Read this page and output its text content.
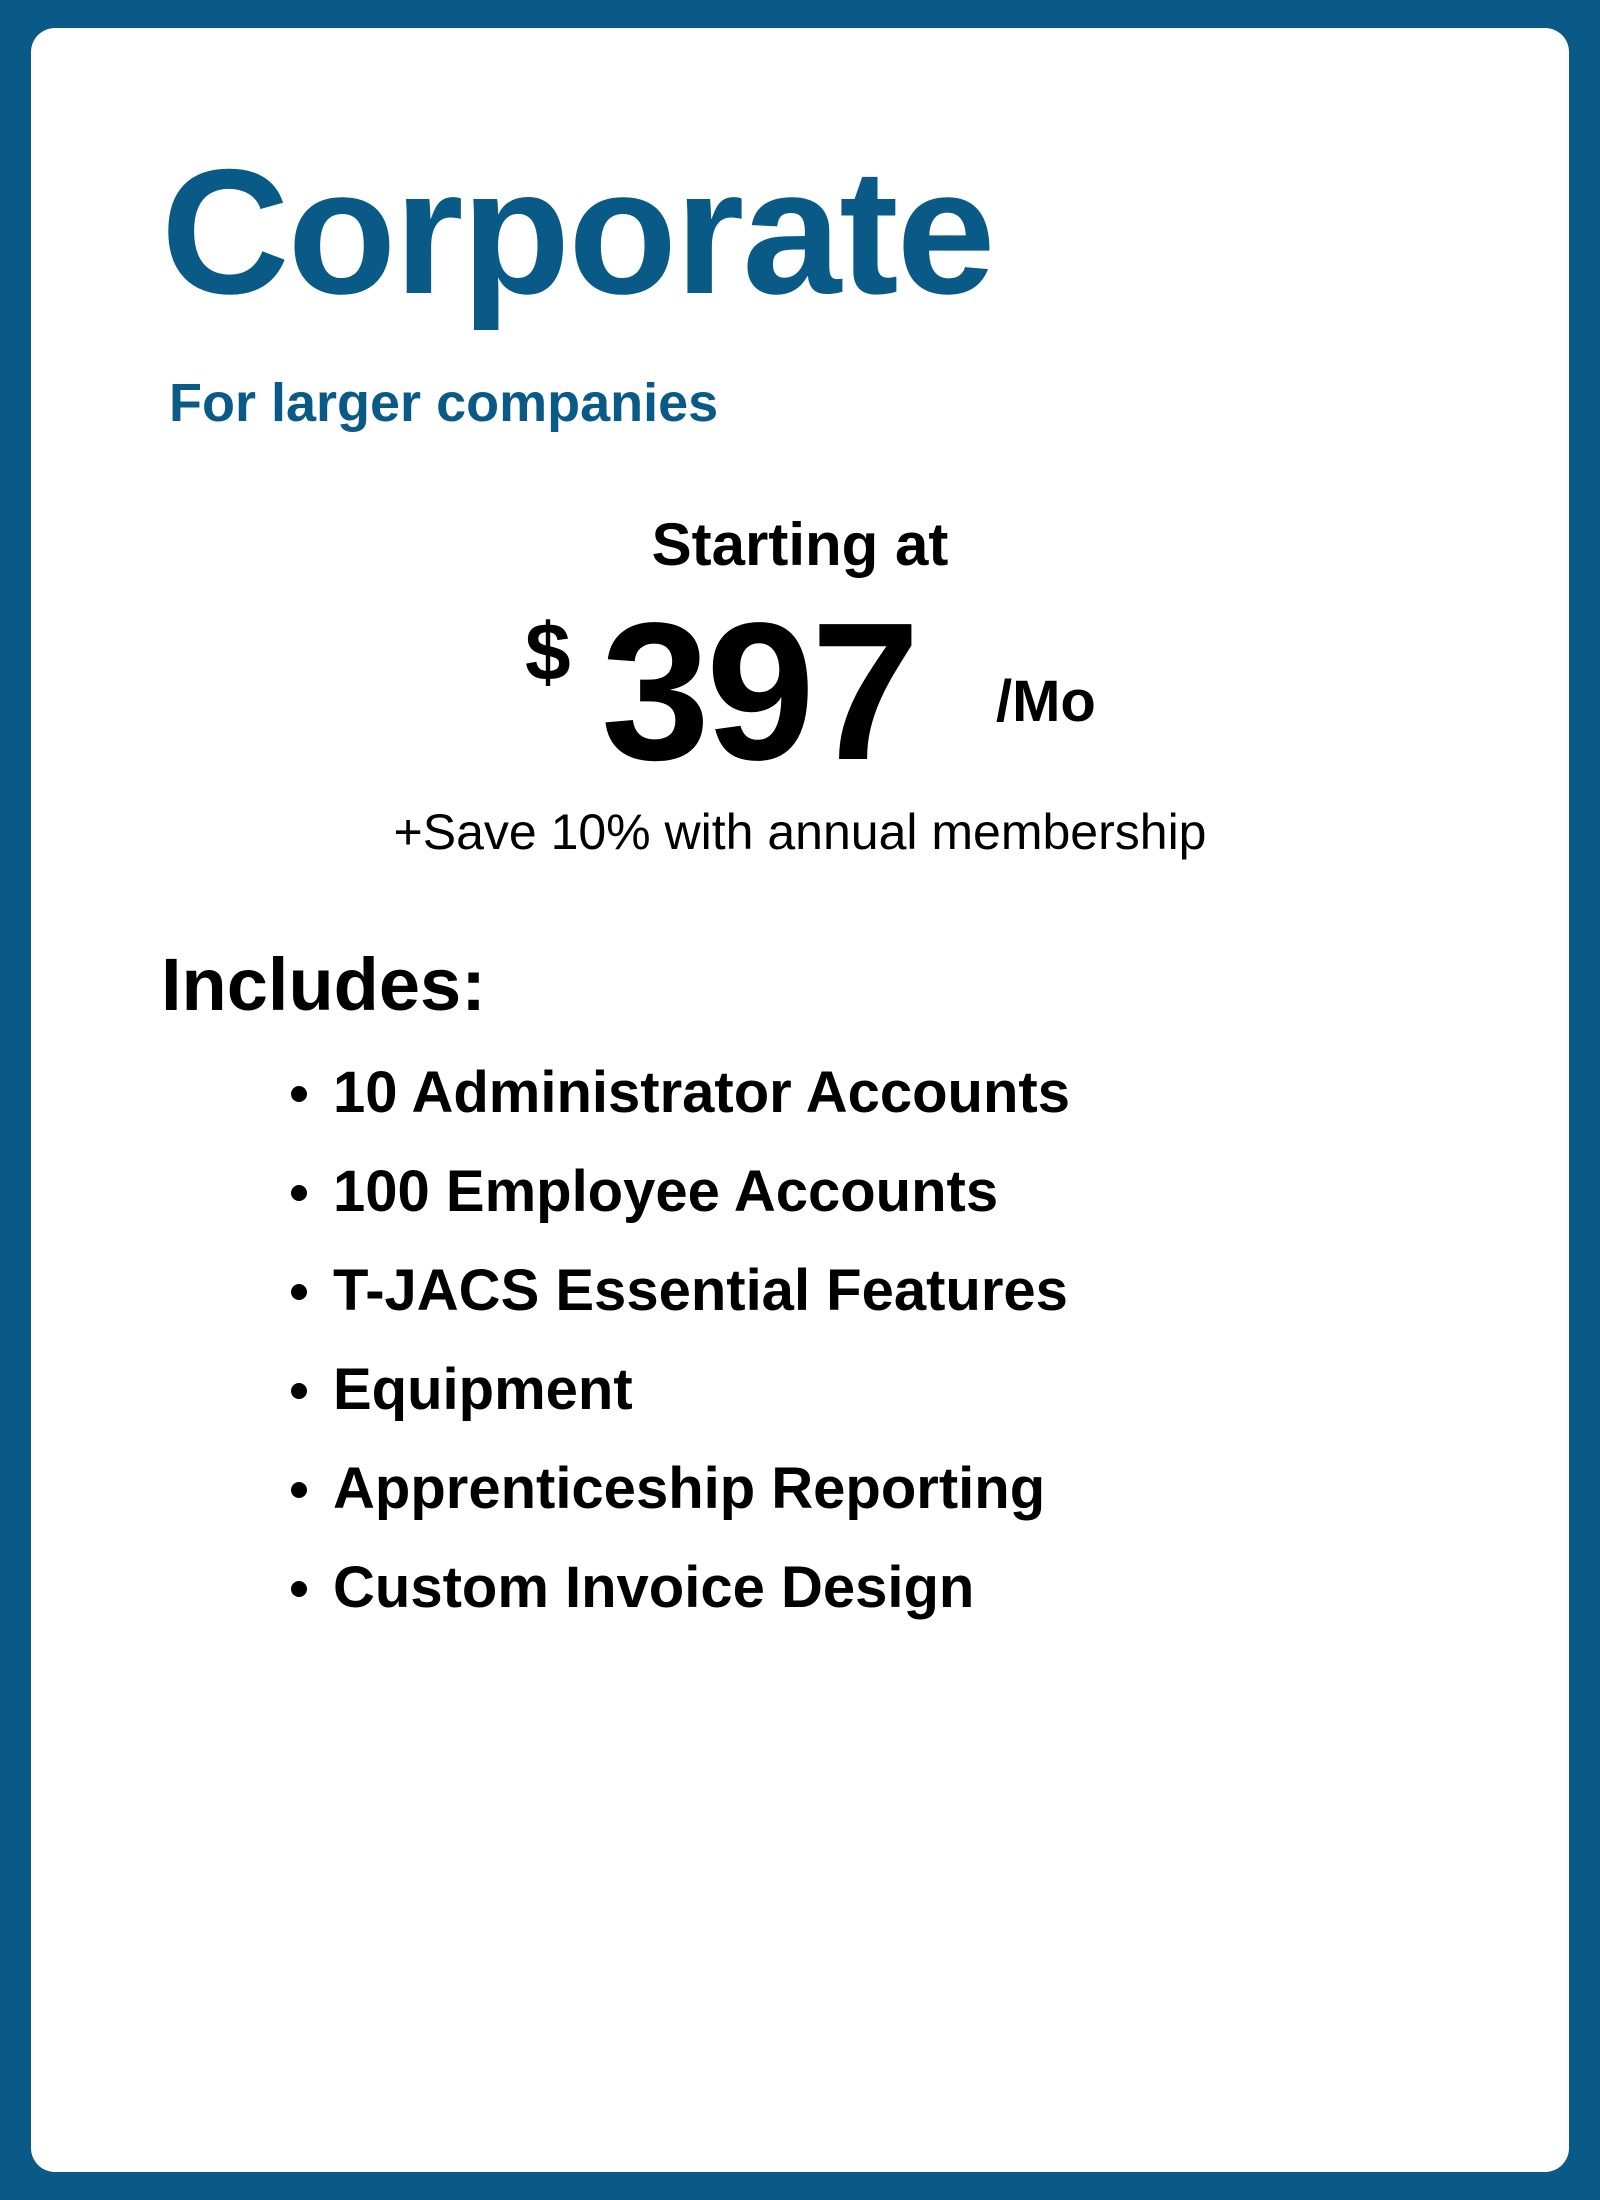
Corporate

For larger companies

Starting at
$ 397 /Mo
+Save 10% with annual membership
Includes:
10 Administrator Accounts
100 Employee Accounts
T-JACS Essential Features
Equipment
Apprenticeship Reporting
Custom Invoice Design
